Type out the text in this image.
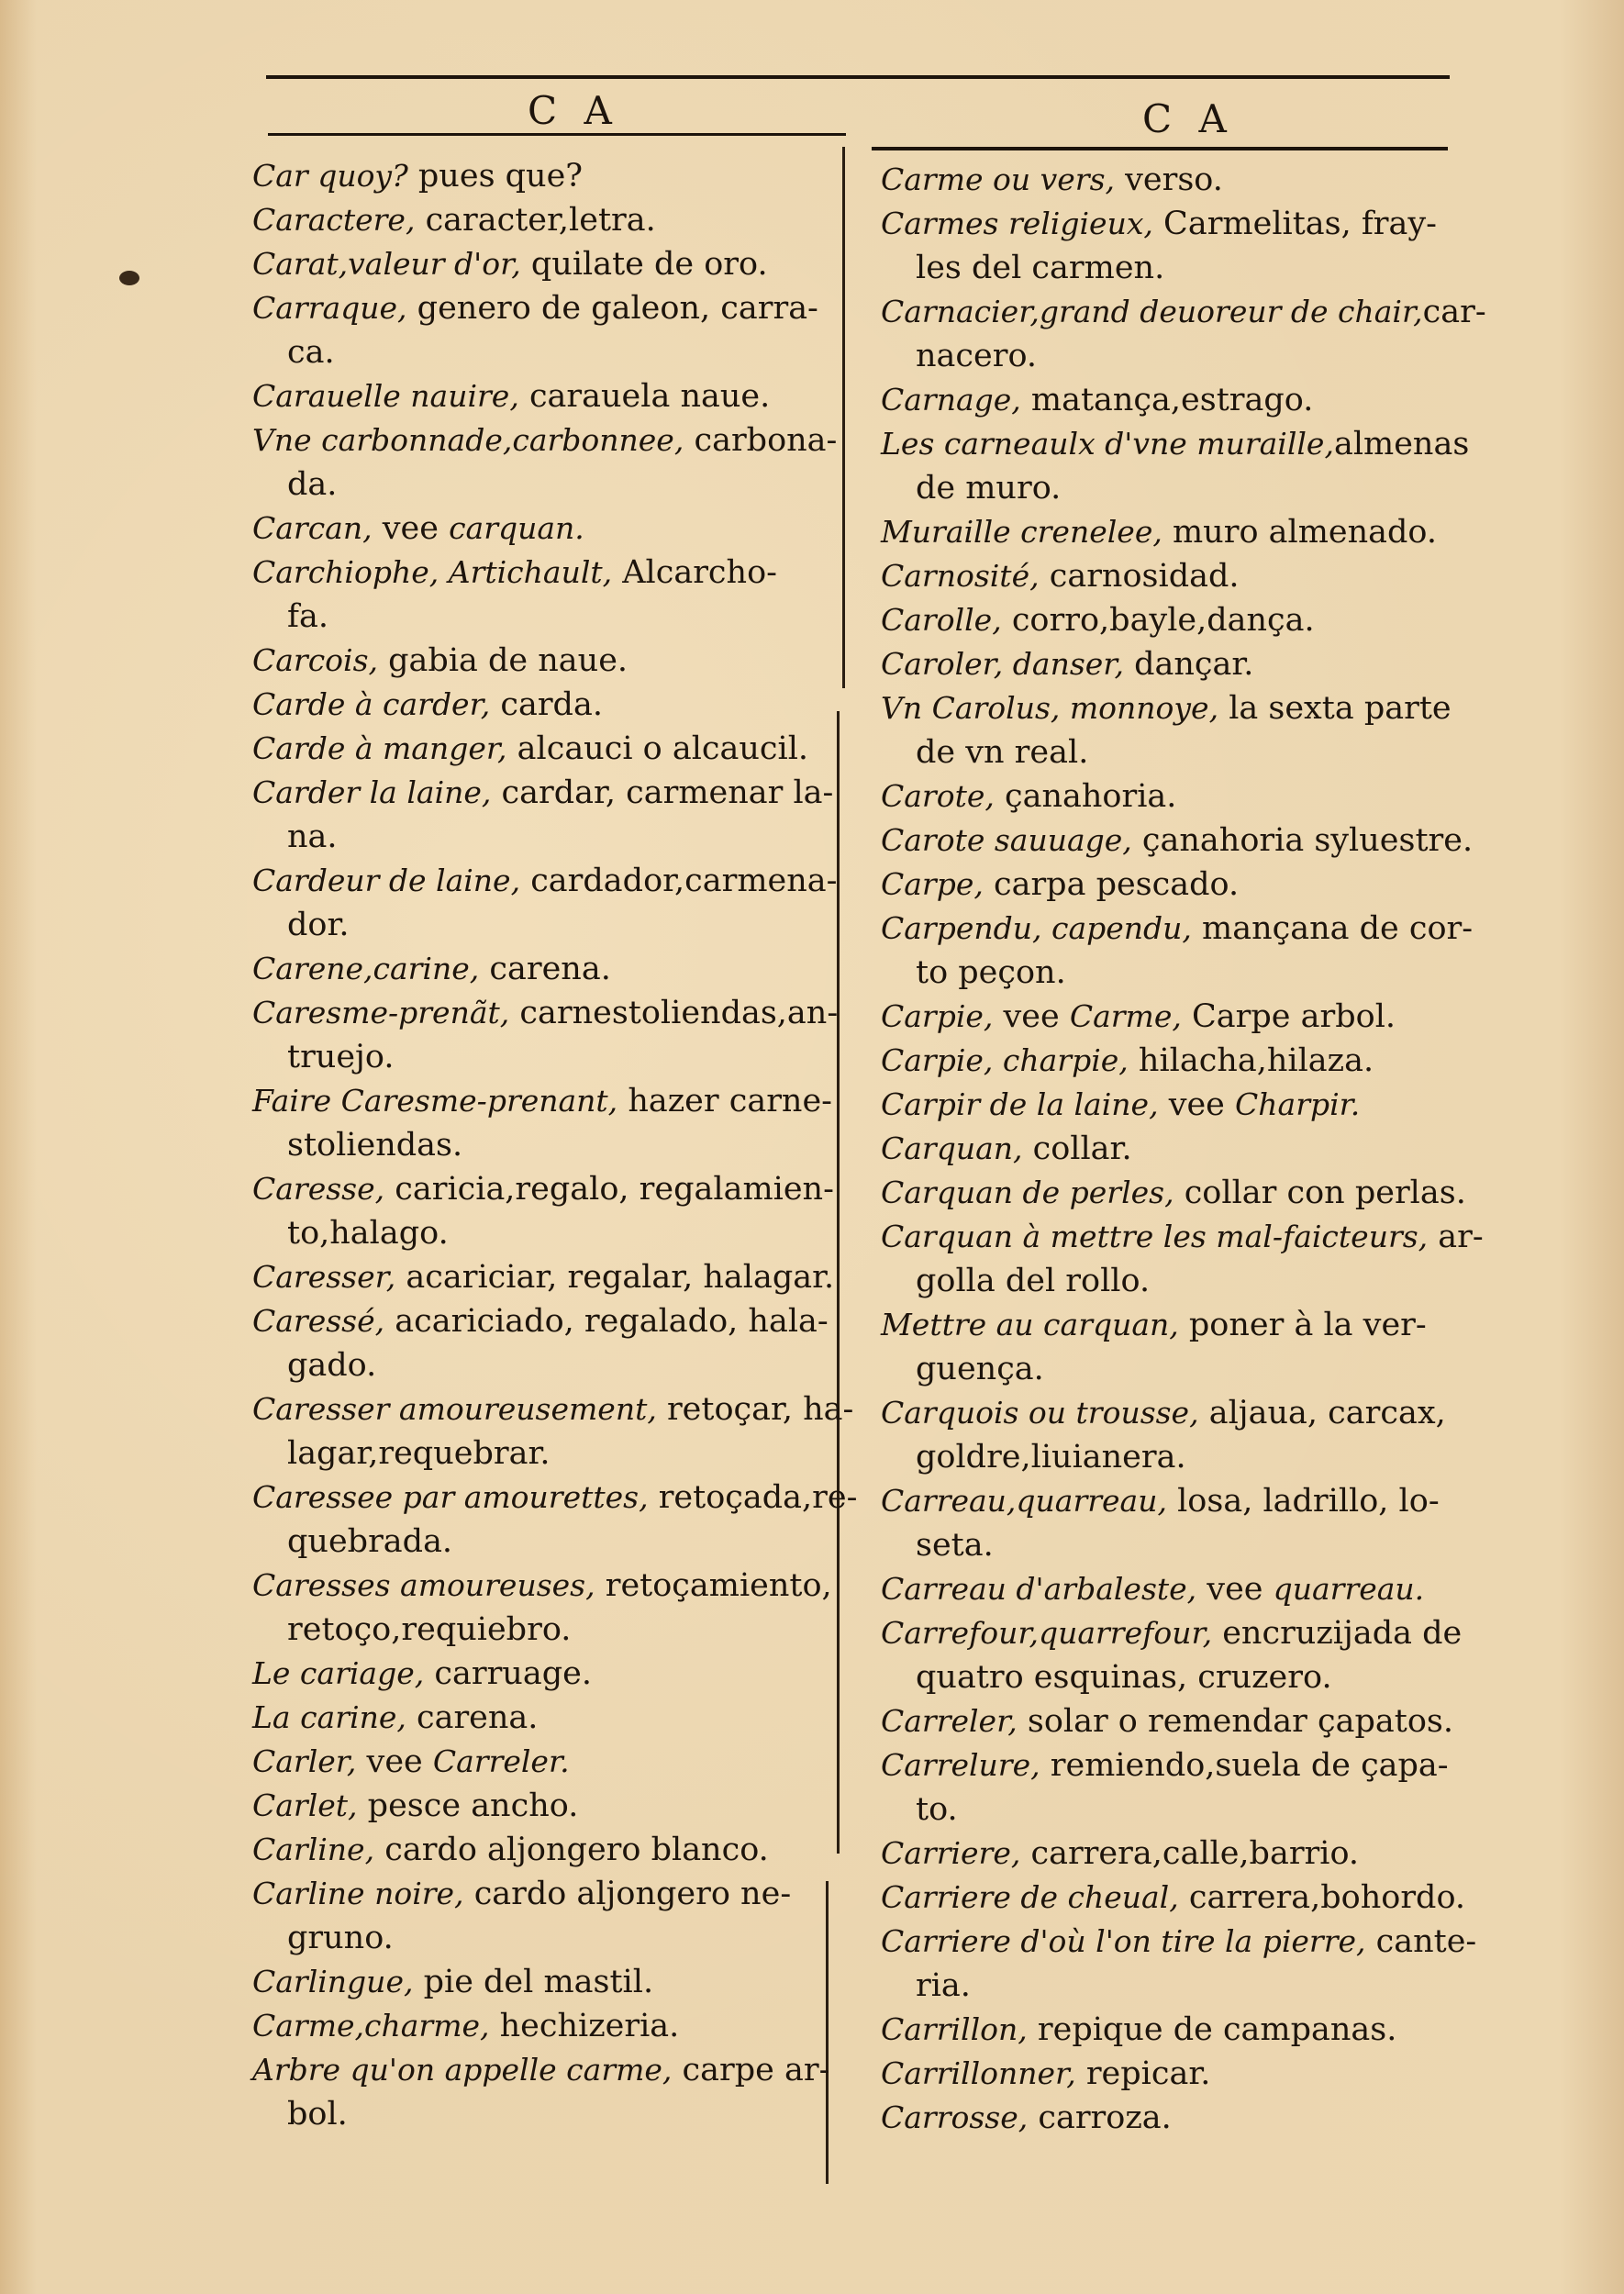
C A	C A
Car quoy? pues que?
Caractere, caracter,letra.
Carat,valeur d'or, quilate de oro.
Carraque, genero de galeon, carra-
ca.
Carauelle nauire, carauela naue.
Vne carbonnade,carbonnee, carbona-
da.
Carcan, vee carquan.
Carchiophe, Artichault, Alcarcho-
fa.
Carcois, gabia de naue.
Carde à carder, carda.
Carde à manger, alcauci o alcaucil.
Carder la laine, cardar, carmenar la-
na.
Cardeur de laine, cardador,carmena-
dor.
Carene,carine, carena.
Caresme-prenãt, carnestoliendas,an-
truejo.
Faire Caresme-prenant, hazer carne-
stoliendas.
Caresse, caricia,regalo, regalamien-
to,halago.
Caresser, acariciar, regalar, halagar.
Caressé, acariciado, regalado, hala-
gado.
Caresser amoureusement, retoçar, ha-
lagar,requebrar.
Caressee par amourettes, retoçada,re-
quebrada.
Caresses amoureuses, retoçamiento,
retoço,requiebro.
Le cariage, carruage.
La carine, carena.
Carler, vee Carreler.
Carlet, pesce ancho.
Carline, cardo aljongero blanco.
Carline noire, cardo aljongero ne-
gruno.
Carlingue, pie del mastil.
Carme,charme, hechizeria.
Arbre qu'on appelle carme, carpe ar-
bol.
Carme ou vers, verso.
Carmes religieux, Carmelitas, fray-
les del carmen.
Carnacier,grand deuoreur de chair,car-
nacero.
Carnage, matança,estrago.
Les carneaulx d'vne muraille,almenas
de muro.
Muraille crenelee, muro almenado.
Carnosité, carnosidad.
Carolle, corro,bayle,dança.
Caroler, danser, dançar.
Vn Carolus, monnoye, la sexta parte
de vn real.
Carote, çanahoria.
Carote sauuage, çanahoria syluestre.
Carpe, carpa pescado.
Carpendu, capendu, mançana de cor-
to peçon.
Carpie, vee Carme, Carpe arbol.
Carpie, charpie, hilacha,hilaza.
Carpir de la laine, vee Charpir.
Carquan, collar.
Carquan de perles, collar con perlas.
Carquan à mettre les mal-faicteurs, ar-
golla del rollo.
Mettre au carquan, poner à la ver-
guença.
Carquois ou trousse, aljaua, carcax,
goldre,liuianera.
Carreau,quarreau, losa, ladrillo, lo-
seta.
Carreau d'arbaleste, vee quarreau.
Carrefour,quarrefour, encruzijada de
quatro esquinas, cruzero.
Carreler, solar o remendar çapatos.
Carrelure, remiendo,suela de çapa-
to.
Carriere, carrera,calle,barrio.
Carriere de cheual, carrera,bohordo.
Carriere d'où l'on tire la pierre, cante-
ria.
Carrillon, repique de campanas.
Carrillonner, repicar.
Carrosse, carroza.
